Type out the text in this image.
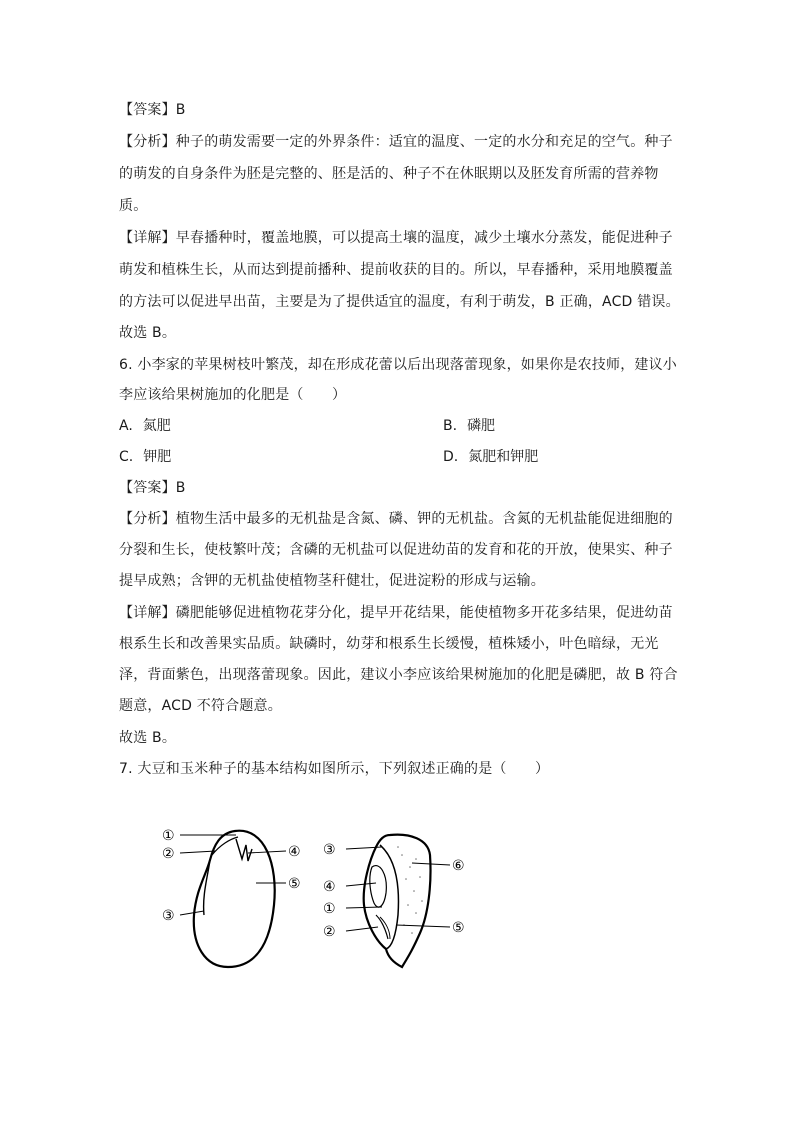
【答案】B
【分析】种子的萌发需要一定的外界条件：适宜的温度、一定的水分和充足的空气。种子
的萌发的自身条件为胚是完整的、胚是活的、种子不在休眠期以及胚发育所需的营养物
质。
【详解】早春播种时，覆盖地膜，可以提高土壤的温度，减少土壤水分蒸发，能促进种子
萌发和植株生长，从而达到提前播种、提前收获的目的。所以，早春播种，采用地膜覆盖
的方法可以促进早出苗，主要是为了提供适宜的温度，有利于萌发，B 正确，ACD 错误。
故选 B。
6. 小李家的苹果树枝叶繁茂，却在形成花蕾以后出现落蕾现象，如果你是农技师，建议小
李应该给果树施加的化肥是（　　）
A. 氮肥	B. 磷肥
C. 钾肥	D. 氮肥和钾肥
【答案】B
【分析】植物生活中最多的无机盐是含氮、磷、钾的无机盐。含氮的无机盐能促进细胞的
分裂和生长，使枝繁叶茂；含磷的无机盐可以促进幼苗的发育和花的开放，使果实、种子
提早成熟；含钾的无机盐使植物茎秆健壮，促进淀粉的形成与运输。
【详解】磷肥能够促进植物花芽分化，提早开花结果，能使植物多开花多结果，促进幼苗
根系生长和改善果实品质。缺磷时，幼芽和根系生长缓慢，植株矮小，叶色暗绿，无光
泽，背面紫色，出现落蕾现象。因此，建议小李应该给果树施加的化肥是磷肥，故 B 符合
题意，ACD 不符合题意。
故选 B。
7. 大豆和玉米种子的基本结构如图所示，下列叙述正确的是（　　）
①
②	④
⑤
③
③
⑥
④
①
②	⑤
